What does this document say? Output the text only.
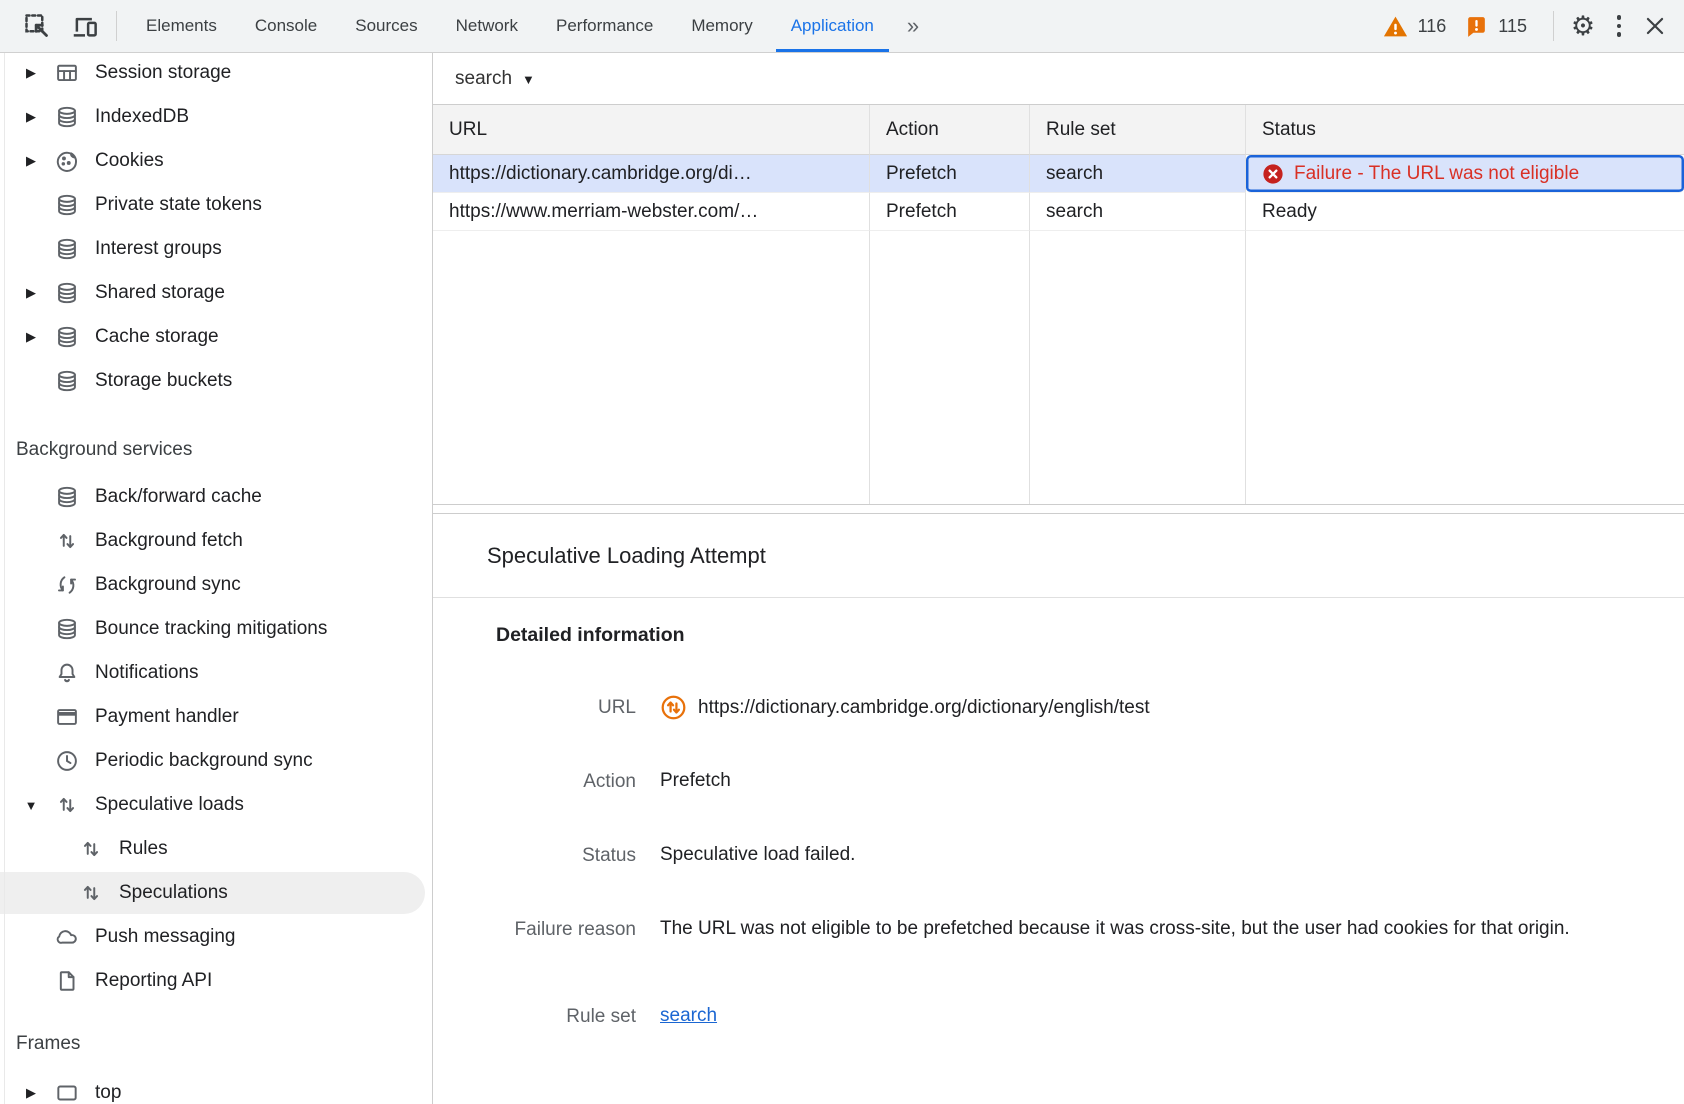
Elements	Console	Sources	Network	Performance	Memory	Application	»	116	115 ⚙
▶	Session storage
▶	IndexedDB
▶	Cookies
Private state tokens
Interest groups
▶	Shared storage
▶	Cache storage
Storage buckets
Background services
Back/forward cache
Background fetch
Background sync
Bounce tracking mitigations
Notifications
Payment handler
Periodic background sync
▼	Speculative loads
Rules
Speculations
Push messaging
Reporting API
Frames
▶	top
search ▼
URL	Action	Rule set	Status
https://dictionary.cambridge.org/di…	Prefetch	search	Failure - The URL was not eligible
https://www.merriam-webster.com/…	Prefetch	search	Ready
Speculative Loading Attempt
Detailed information
URL	https://dictionary.cambridge.org/dictionary/english/test
Action Prefetch
Status Speculative load failed.
Failure reason The URL was not eligible to be prefetched because it was cross-site, but the user had cookies for that origin.
Rule set search
